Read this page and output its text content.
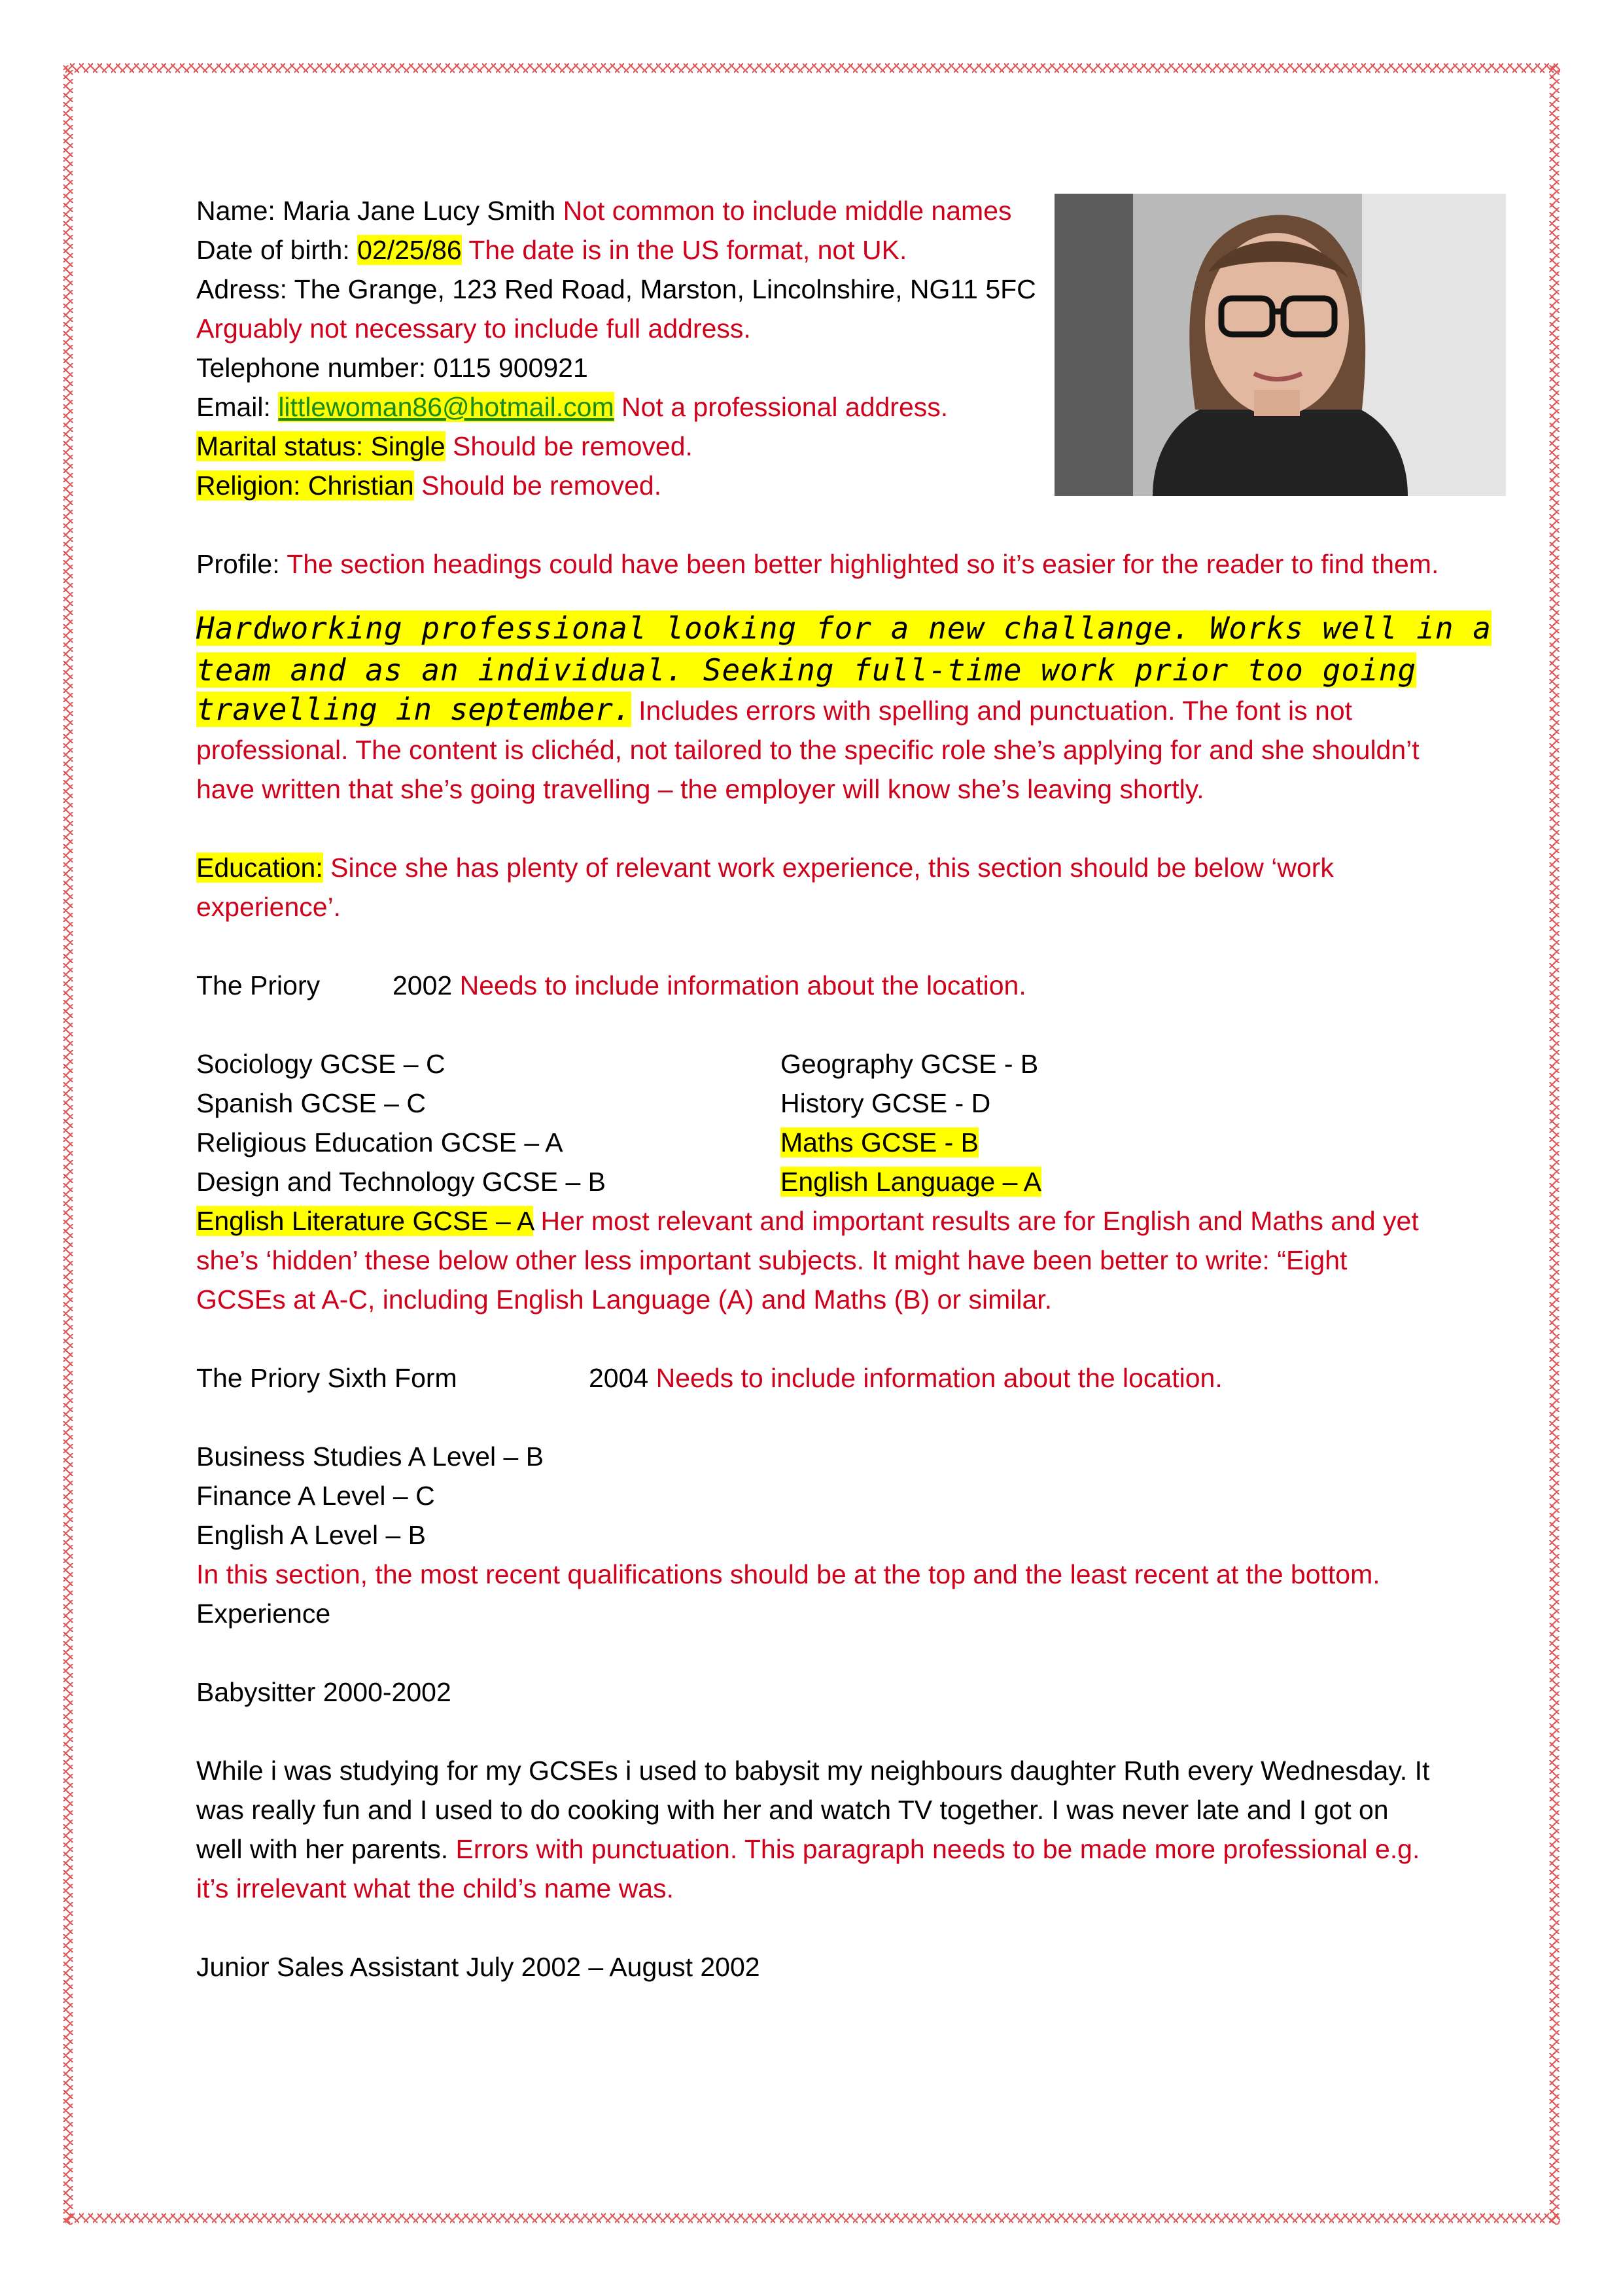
Name: Maria Jane Lucy Smith Not common to include middle names
Date of birth: 02/25/86 The date is in the US format, not UK.
Adress: The Grange, 123 Red Road, Marston, Lincolnshire, NG11 5FC
Arguably not necessary to include full address.
Telephone number: 0115 900921
Email: littlewoman86@hotmail.com Not a professional address.
Marital status: Single Should be removed.
Religion: Christian Should be removed.
Profile: The section headings could have been better highlighted so it’s easier for the reader to find them.
Hardworking professional looking for a new challange. Works well in a
team and as an individual. Seeking full-time work prior too going
travelling in september. Includes errors with spelling and punctuation. The font is not professional. The content is clichéd, not tailored to the specific role she’s applying for and she shouldn’t have written that she’s going travelling – the employer will know she’s leaving shortly.
Education: Since she has plenty of relevant work experience, this section should be below ‘work experience’.
The Priory	2002 Needs to include information about the location.
Sociology GCSE – C	Geography GCSE - B
Spanish GCSE – C	History GCSE - D
Religious Education GCSE – A	Maths GCSE - B
Design and Technology GCSE – B	English Language – A
English Literature GCSE – A Her most relevant and important results are for English and Maths and yet she’s ‘hidden’ these below other less important subjects. It might have been better to write: “Eight GCSEs at A-C, including English Language (A) and Maths (B) or similar.
The Priory Sixth Form	2004 Needs to include information about the location.
Business Studies A Level – B
Finance A Level – C
English A Level – B
In this section, the most recent qualifications should be at the top and the least recent at the bottom.
Experience
Babysitter 2000-2002
While i was studying for my GCSEs i used to babysit my neighbours daughter Ruth every Wednesday. It was really fun and I used to do cooking with her and watch TV together. I was never late and I got on well with her parents. Errors with punctuation. This paragraph needs to be made more professional e.g. it’s irrelevant what the child’s name was.
Junior Sales Assistant July 2002 – August 2002
